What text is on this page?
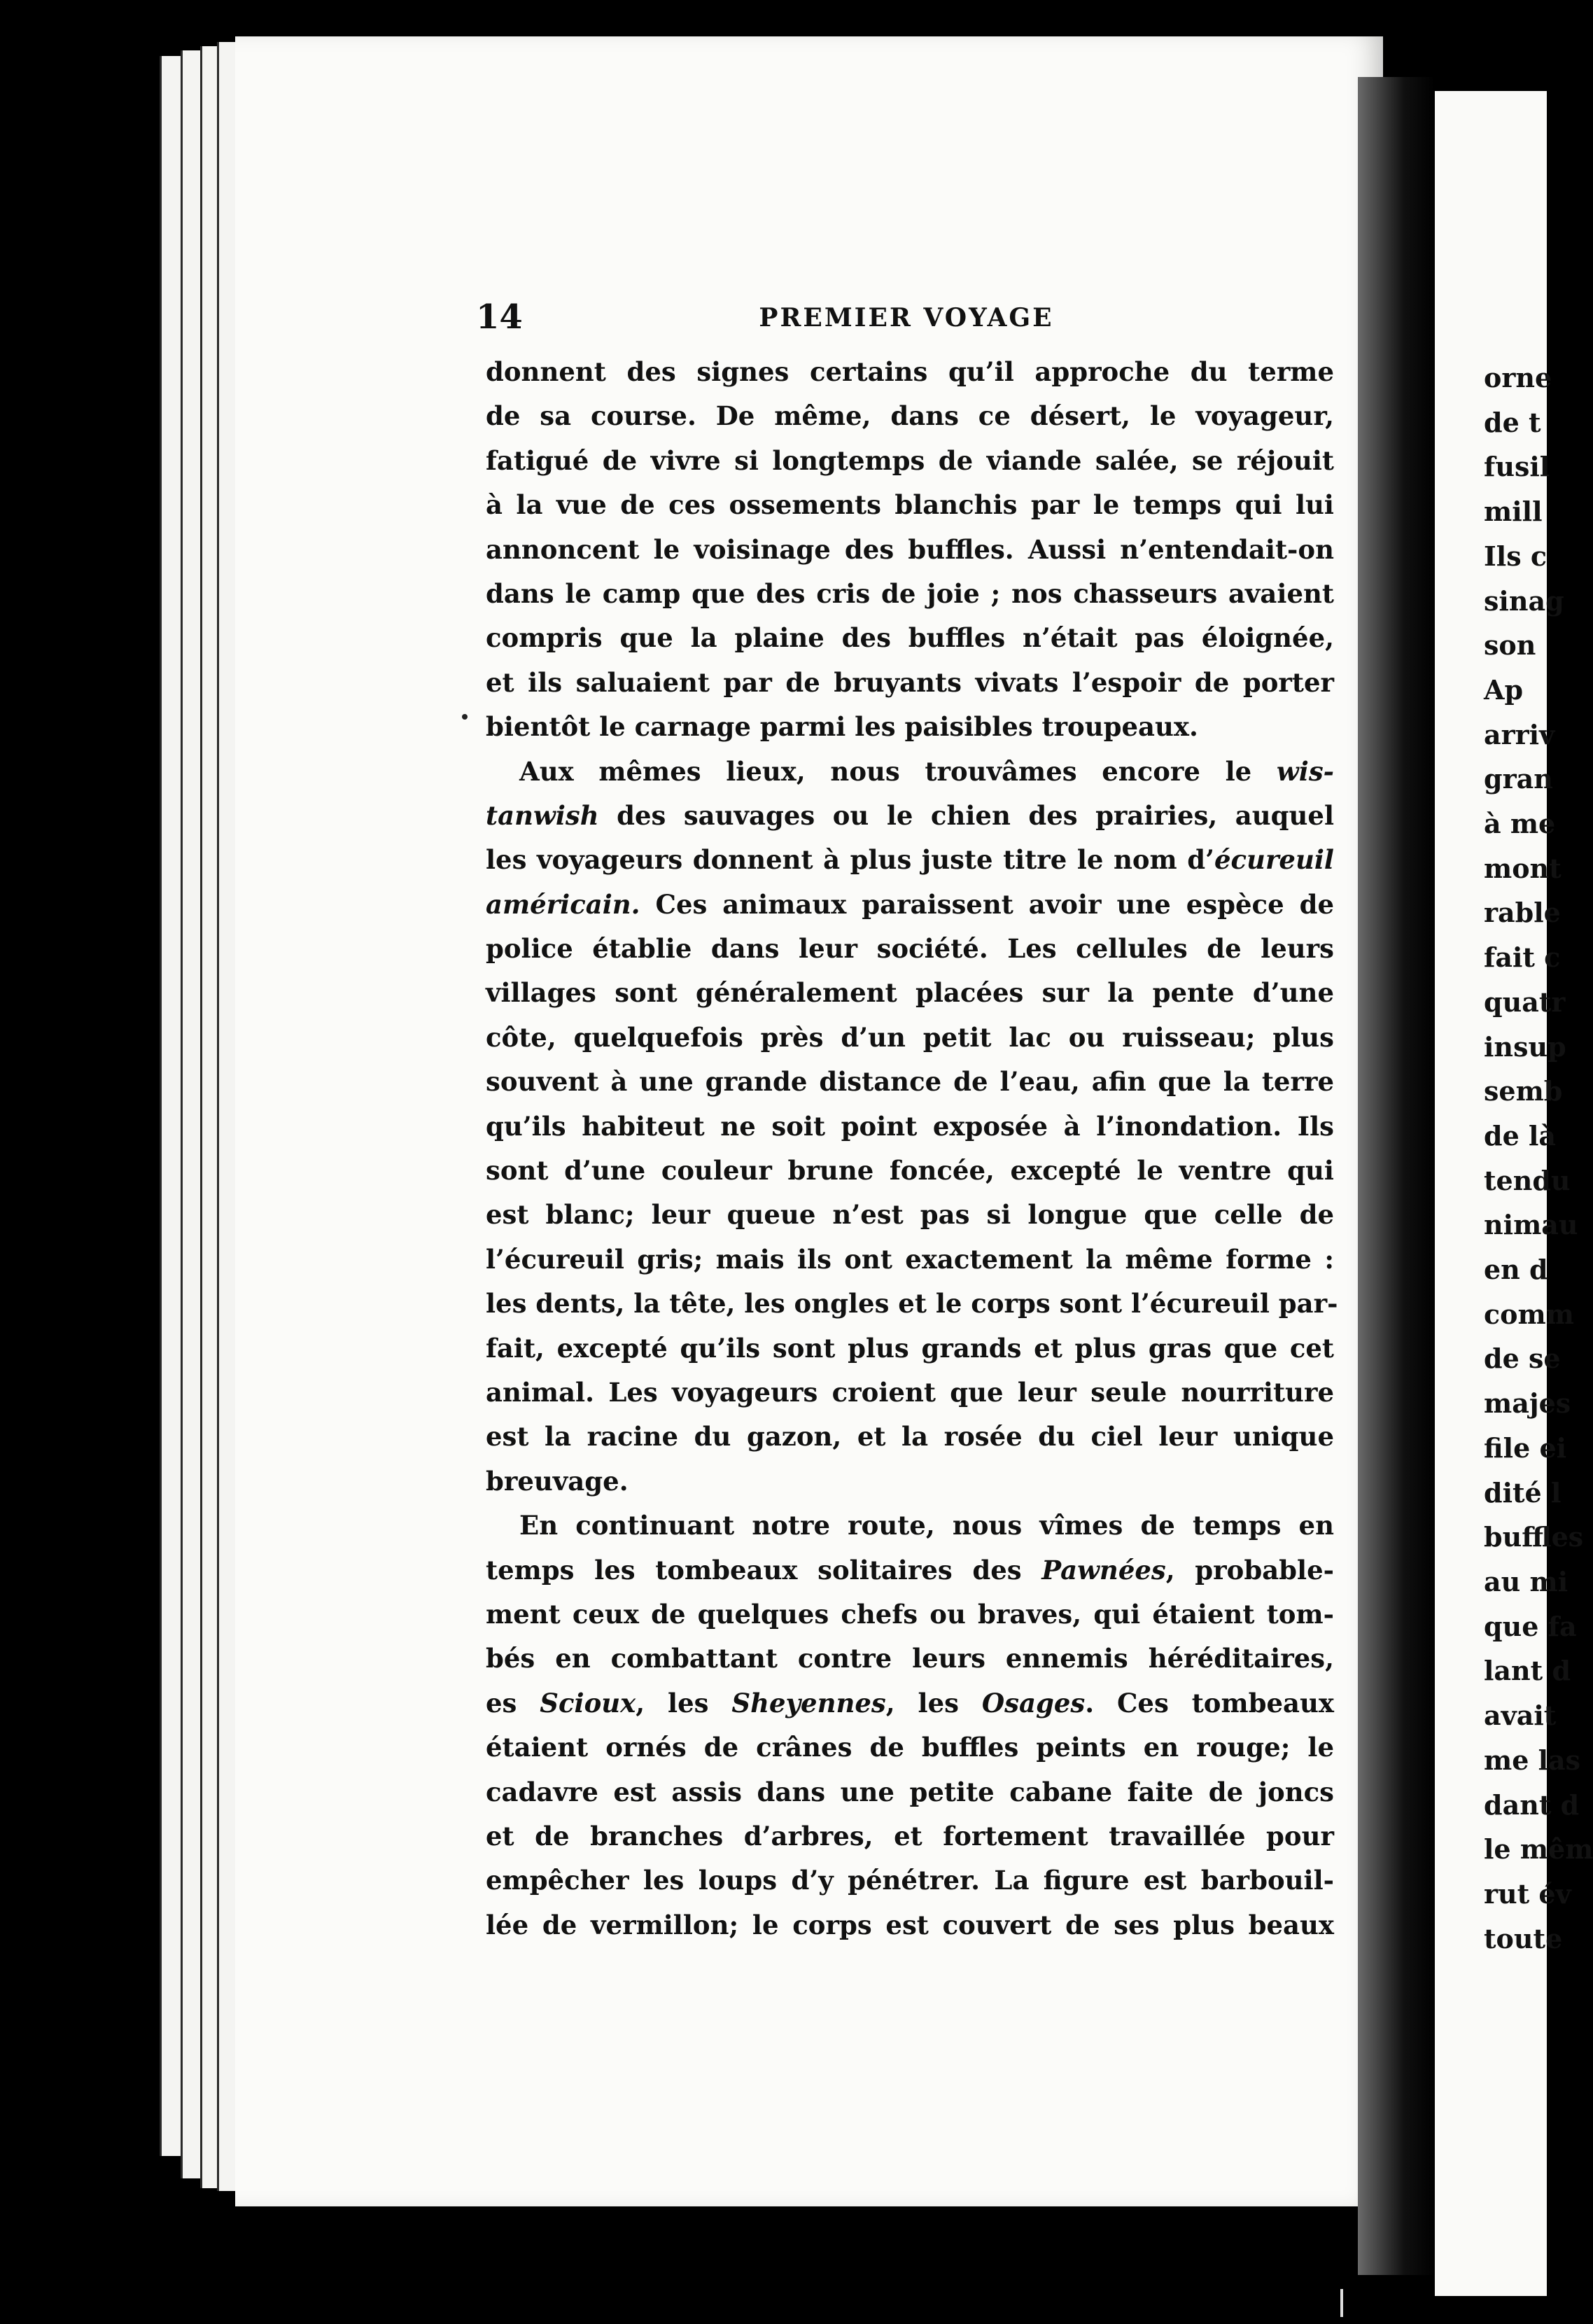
orne
de t
fusil
mill
Ils c
sinag
son
Ap
arriv
gran
à me
mont
rable
fait c
quatr
insup
semb
de là
tendu
nimau
en d
comm
de se
majes
file ei
dité l
buffles
au mi
que fa
lant d
avait
me las
dant d
le mêm
rut év
toute
14	PREMIER VOYAGE
donnent des signes certains qu’il approche du terme
de sa course. De même, dans ce désert, le voyageur,
fatigué de vivre si longtemps de viande salée, se réjouit
à la vue de ces ossements blanchis par le temps qui lui
annoncent le voisinage des buffles. Aussi n’entendait-on
dans le camp que des cris de joie ; nos chasseurs avaient
compris que la plaine des buffles n’était pas éloignée,
et ils saluaient par de bruyants vivats l’espoir de porter
bientôt le carnage parmi les paisibles troupeaux.
Aux mêmes lieux, nous trouvâmes encore le wis-
tanwish des sauvages ou le chien des prairies, auquel
les voyageurs donnent à plus juste titre le nom d’écureuil
américain. Ces animaux paraissent avoir une espèce de
police établie dans leur société. Les cellules de leurs
villages sont généralement placées sur la pente d’une
côte, quelquefois près d’un petit lac ou ruisseau; plus
souvent à une grande distance de l’eau, afin que la terre
qu’ils habiteut ne soit point exposée à l’inondation. Ils
sont d’une couleur brune foncée, excepté le ventre qui
est blanc; leur queue n’est pas si longue que celle de
l’écureuil gris; mais ils ont exactement la même forme :
les dents, la tête, les ongles et le corps sont l’écureuil par-
fait, excepté qu’ils sont plus grands et plus gras que cet
animal. Les voyageurs croient que leur seule nourriture
est la racine du gazon, et la rosée du ciel leur unique
breuvage.
En continuant notre route, nous vîmes de temps en
temps les tombeaux solitaires des Pawnées, probable-
ment ceux de quelques chefs ou braves, qui étaient tom-
bés en combattant contre leurs ennemis héréditaires,
es Scioux, les Sheyennes, les Osages. Ces tombeaux
étaient ornés de crânes de buffles peints en rouge; le
cadavre est assis dans une petite cabane faite de joncs
et de branches d’arbres, et fortement travaillée pour
empêcher les loups d’y pénétrer. La figure est barbouil-
lée de vermillon; le corps est couvert de ses plus beaux
